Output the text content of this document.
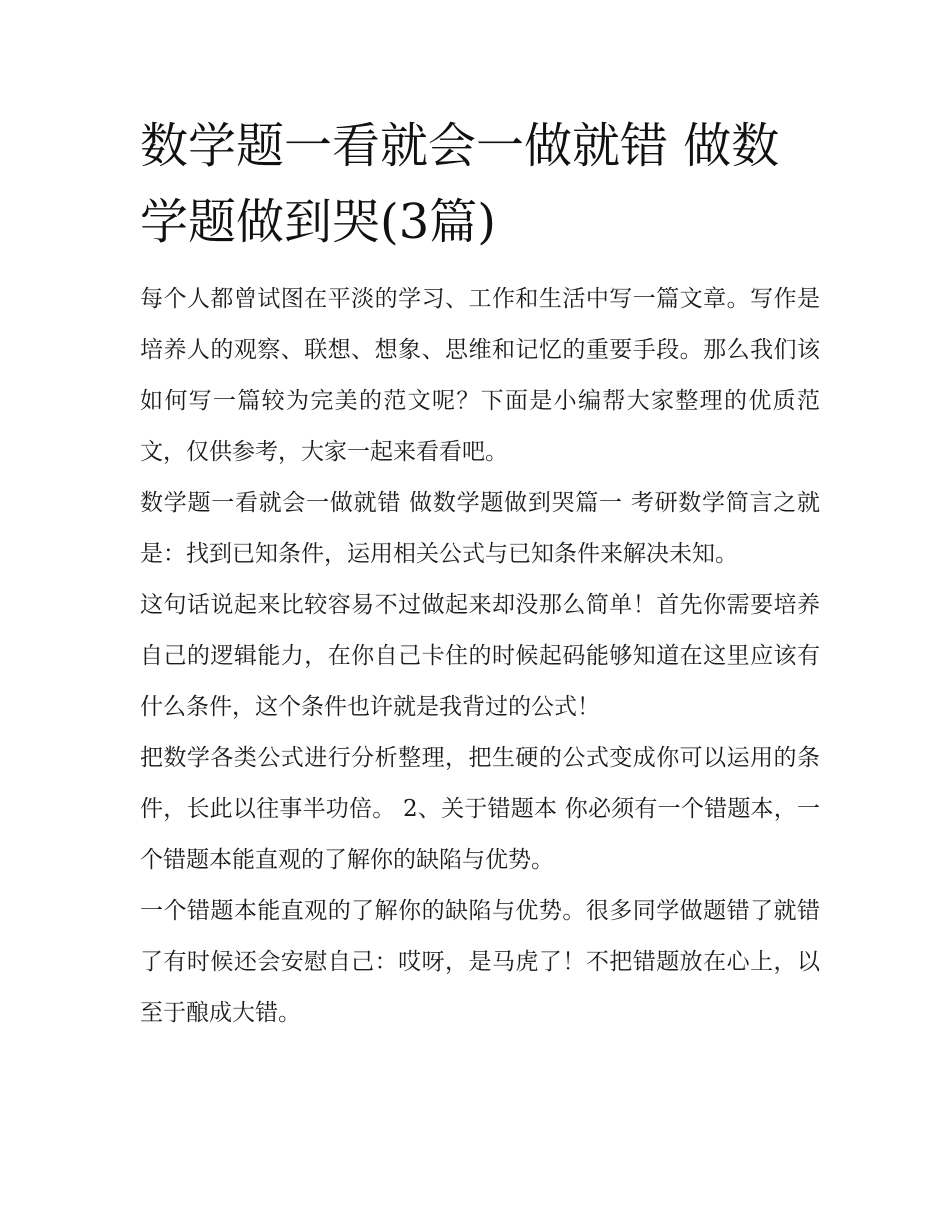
数学题一看就会一做就错 做数学题做到哭(3篇)

每个人都曾试图在平淡的学习、工作和生活中写一篇文章。写作是培养人的观察、联想、想象、思维和记忆的重要手段。那么我们该如何写一篇较为完美的范文呢？下面是小编帮大家整理的优质范文，仅供参考，大家一起来看看吧。

数学题一看就会一做就错 做数学题做到哭篇一 考研数学简言之就是：找到已知条件，运用相关公式与已知条件来解决未知。

这句话说起来比较容易不过做起来却没那么简单！首先你需要培养自己的逻辑能力，在你自己卡住的时候起码能够知道在这里应该有什么条件，这个条件也许就是我背过的公式！

把数学各类公式进行分析整理，把生硬的公式变成你可以运用的条件，长此以往事半功倍。 2、关于错题本 你必须有一个错题本，一个错题本能直观的了解你的缺陷与优势。

一个错题本能直观的了解你的缺陷与优势。很多同学做题错了就错了有时候还会安慰自己：哎呀，是马虎了！不把错题放在心上，以至于酿成大错。
